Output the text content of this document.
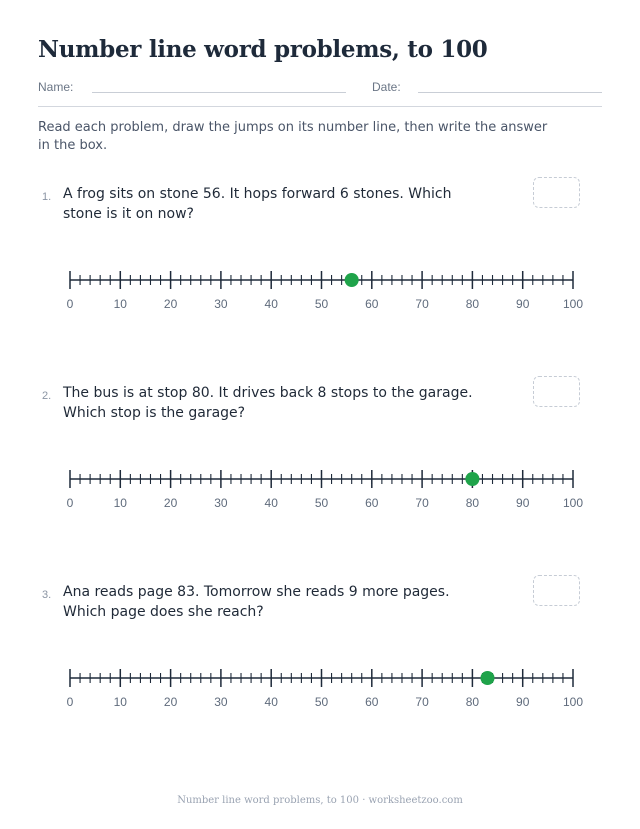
Number line word problems, to 100
Name:	Date:

Read each problem, draw the jumps on its number line, then write the answer in the box.

1. A frog sits on stone 56. It hops forward 6 stones. Which stone is it on now?

0	10	20	30	40	50	60	70	80	90	100
2. The bus is at stop 80. It drives back 8 stops to the garage. Which stop is the garage?

0	10	20	30	40	50	60	70	80	90	100
3. Ana reads page 83. Tomorrow she reads 9 more pages. Which page does she reach?

0	10	20	30	40	50	60	70	80	90	100
Number line word problems, to 100 · worksheetzoo.com
